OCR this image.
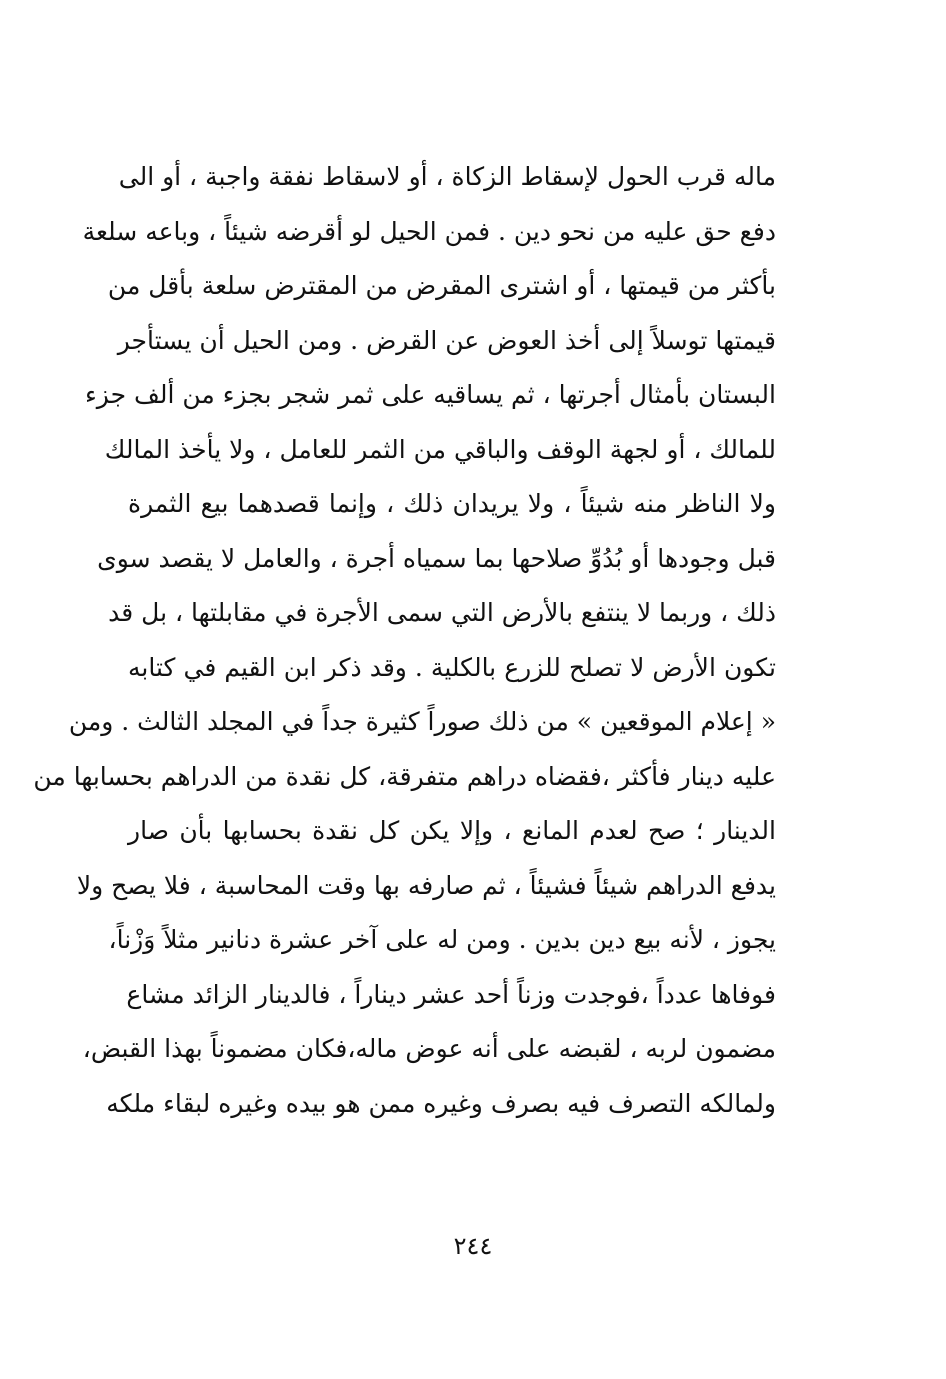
ماله قرب الحول لإسقاط الزكاة ، أو لاسقاط نفقة واجبة ، أو الى
دفع حق عليه من نحو دين . فمن الحيل لو أقرضه شيئاً ، وباعه سلعة
بأكثر من قيمتها ، أو اشترى المقرض من المقترض سلعة بأقل من
قيمتها توسلاً إلى أخذ العوض عن القرض . ومن الحيل أن يستأجر
البستان بأمثال أجرتها ، ثم يساقيه على ثمر شجر بجزء من ألف جزء
للمالك ، أو لجهة الوقف والباقي من الثمر للعامل ، ولا يأخذ المالك
ولا الناظر منه شيئاً ، ولا يريدان ذلك ، وإنما قصدهما بيع الثمرة
قبل وجودها أو بُدُوِّ صلاحها بما سمياه أجرة ، والعامل لا يقصد سوى
ذلك ، وربما لا ينتفع بالأرض التي سمى الأجرة في مقابلتها ، بل قد
تكون الأرض لا تصلح للزرع بالكلية . وقد ذكر ابن القيم في كتابه
« إعلام الموقعين » من ذلك صوراً كثيرة جداً في المجلد الثالث . ومن
عليه دينار فأكثر ،فقضاه دراهم متفرقة، كل نقدة من الدراهم بحسابها من
الدينار ؛ صح لعدم المانع ، وإلا يكن كل نقدة بحسابها بأن صار
يدفع الدراهم شيئاً فشيئاً ، ثم صارفه بها وقت المحاسبة ، فلا يصح ولا
يجوز ، لأنه بيع دين بدين . ومن له على آخر عشرة دنانير مثلاً وَزْناً،
فوفاها عدداً ،فوجدت وزناً أحد عشر ديناراً ، فالدينار الزائد مشاع
مضمون لربه ، لقبضه على أنه عوض ماله،فكان مضموناً بهذا القبض،
ولمالكه التصرف فيه بصرف وغيره ممن هو بيده وغيره لبقاء ملكه
٢٤٤
